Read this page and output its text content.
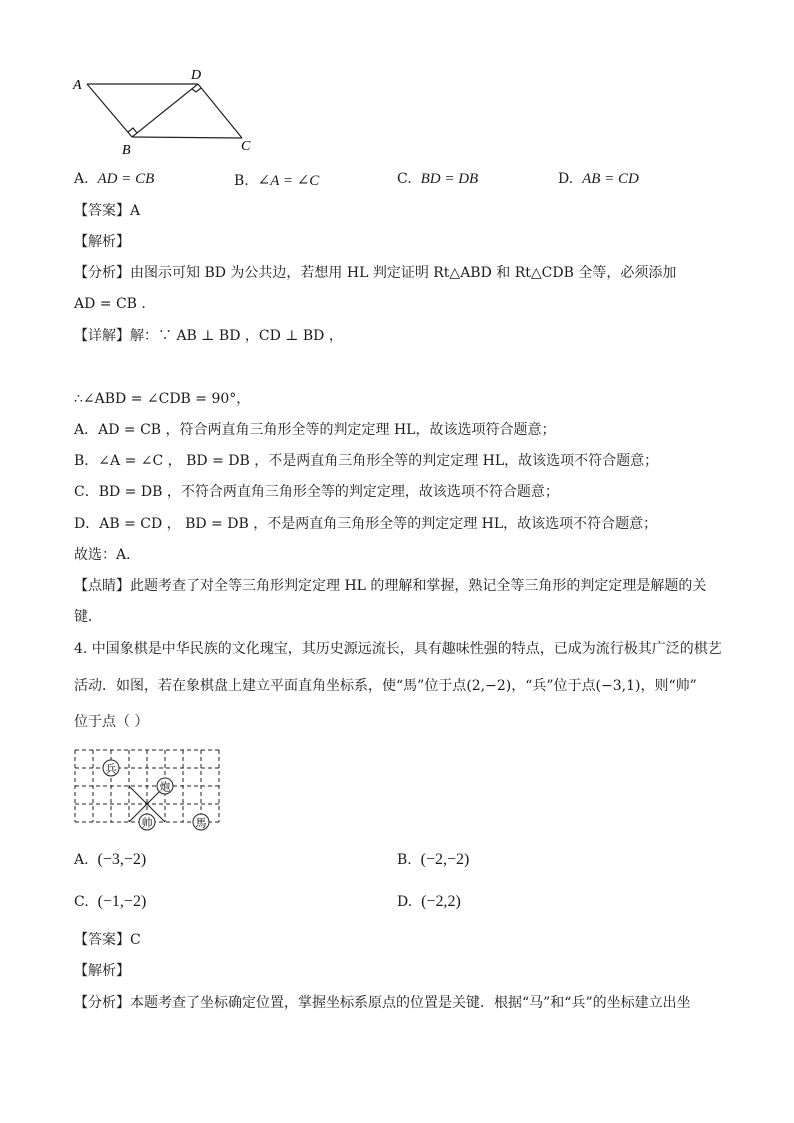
A
D
B	C
A. AD = CB	B. ∠A = ∠C	C. BD = DB	D. AB = CD
【答案】A
【解析】
【分析】由图示可知 BD 为公共边，若想用 HL 判定证明 Rt△ABD 和 Rt△CDB 全等，必须添加
AD = CB .
【详解】解：∵ AB ⊥ BD ，CD ⊥ BD ，
∴∠ABD = ∠CDB = 90°，
A．AD = CB ，符合两直角三角形全等的判定定理 HL，故该选项符合题意；
B．∠A = ∠C ， BD = DB ，不是两直角三角形全等的判定定理 HL，故该选项不符合题意；
C．BD = DB ，不符合两直角三角形全等的判定定理，故该选项不符合题意；
D．AB = CD ， BD = DB ，不是两直角三角形全等的判定定理 HL，故该选项不符合题意；
故选：A．
【点睛】此题考查了对全等三角形判定定理 HL 的理解和掌握，熟记全等三角形的判定定理是解题的关
键．
4. 中国象棋是中华民族的文化瑰宝，其历史源远流长，具有趣味性强的特点，已成为流行极其广泛的棋艺
活动．如图，若在象棋盘上建立平面直角坐标系，使“馬”位于点(2,−2)，“兵”位于点(−3,1)，则“帅”
位于点（ ）
兵
炮
帅	馬
A. (−3,−2)	B. (−2,−2)
C. (−1,−2)	D. (−2,2)
【答案】C
【解析】
【分析】本题考查了坐标确定位置，掌握坐标系原点的位置是关键．根据“马”和“兵”的坐标建立出坐
